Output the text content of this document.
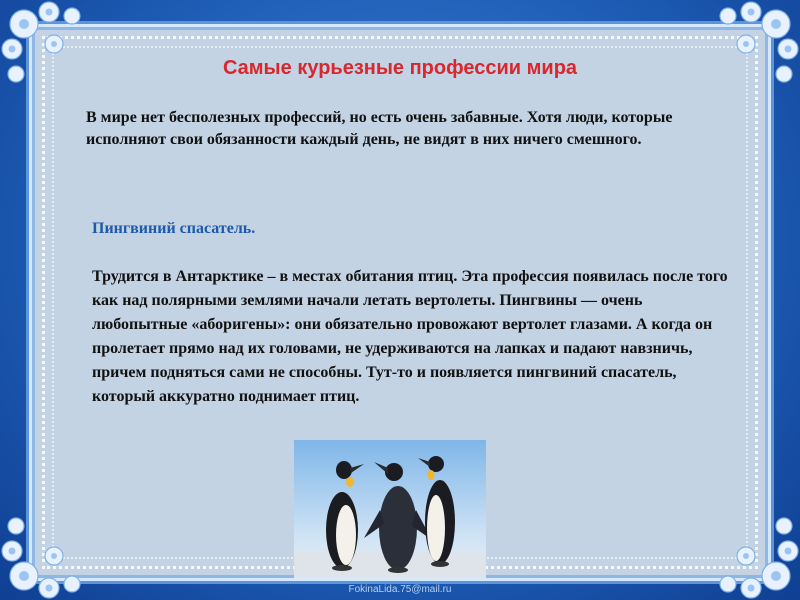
Самые курьезные профессии мира
В мире нет бесполезных профессий, но есть очень забавные. Хотя люди, которые исполняют свои обязанности каждый день, не видят в них ничего смешного.
Пингвиний спасатель.
Трудится в Антарктике – в местах обитания птиц. Эта профессия появилась после того как над полярными землями начали летать вертолеты. Пингвины — очень любопытные «аборигены»: они обязательно провожают вертолет глазами. А когда он пролетает прямо над их головами, не удерживаются на лапках и падают навзничь, причем подняться сами не способны. Тут-то и появляется пингвиний спасатель, который аккуратно поднимает птиц.
FokinaLida.75@mail.ru
